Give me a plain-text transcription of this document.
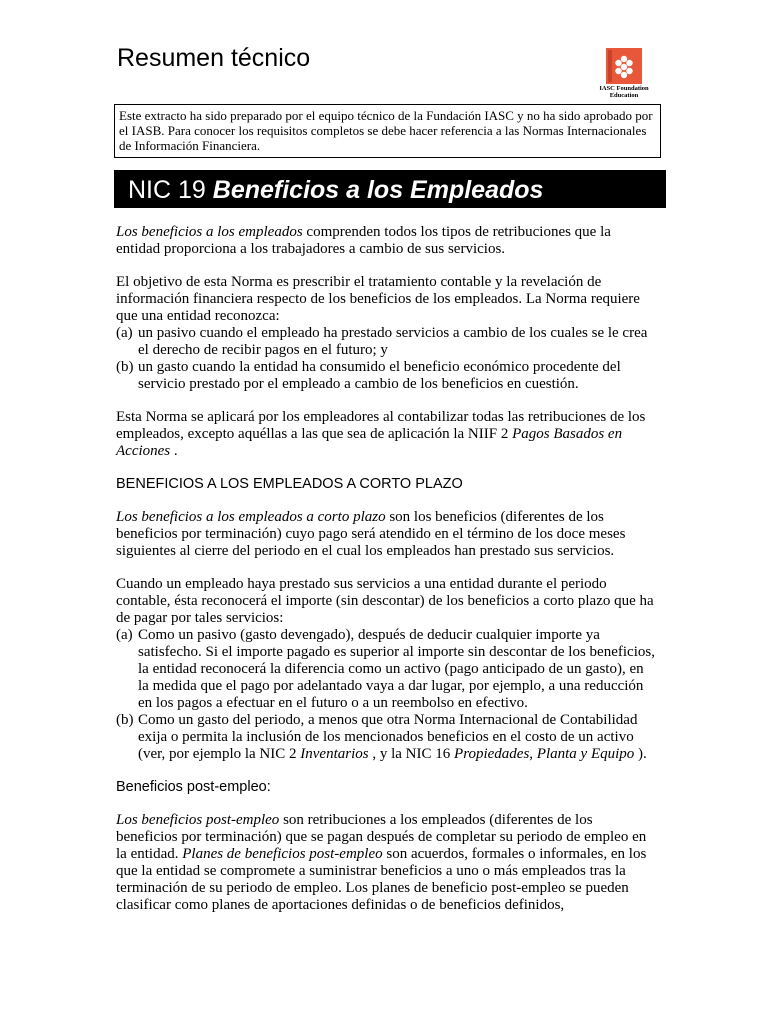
Resumen técnico
IASC Foundation
Education
Este extracto ha sido preparado por el equipo técnico de la Fundación IASC y no ha sido aprobado por el IASB. Para conocer los requisitos completos se debe hacer referencia a las Normas Internacionales de Información Financiera.
NIC 19 Beneficios a los Empleados

Los beneficios a los empleados comprenden todos los tipos de retribuciones que la entidad proporciona a los trabajadores a cambio de sus servicios.

El objetivo de esta Norma es prescribir el tratamiento contable y la revelación de información financiera respecto de los beneficios de los empleados. La Norma requiere que una entidad reconozca:

(a) un pasivo cuando el empleado ha prestado servicios a cambio de los cuales se le crea el derecho de recibir pagos en el futuro; y
(b) un gasto cuando la entidad ha consumido el beneficio económico procedente del servicio prestado por el empleado a cambio de los beneficios en cuestión.

Esta Norma se aplicará por los empleadores al contabilizar todas las retribuciones de los empleados, excepto aquéllas a las que sea de aplicación la NIIF 2 Pagos Basados en Acciones .

BENEFICIOS A LOS EMPLEADOS A CORTO PLAZO

Los beneficios a los empleados a corto plazo son los beneficios (diferentes de los beneficios por terminación) cuyo pago será atendido en el término de los doce meses siguientes al cierre del periodo en el cual los empleados han prestado sus servicios.

Cuando un empleado haya prestado sus servicios a una entidad durante el periodo contable, ésta reconocerá el importe (sin descontar) de los beneficios a corto plazo que ha de pagar por tales servicios:

(a) Como un pasivo (gasto devengado), después de deducir cualquier importe ya satisfecho. Si el importe pagado es superior al importe sin descontar de los beneficios, la entidad reconocerá la diferencia como un activo (pago anticipado de un gasto), en la medida que el pago por adelantado vaya a dar lugar, por ejemplo, a una reducción en los pagos a efectuar en el futuro o a un reembolso en efectivo.
(b) Como un gasto del periodo, a menos que otra Norma Internacional de Contabilidad exija o permita la inclusión de los mencionados beneficios en el costo de un activo (ver, por ejemplo la NIC 2 Inventarios , y la NIC 16 Propiedades, Planta y Equipo ).
Beneficios post-empleo:

Los beneficios post-empleo son retribuciones a los empleados (diferentes de los beneficios por terminación) que se pagan después de completar su periodo de empleo en la entidad. Planes de beneficios post-empleo son acuerdos, formales o informales, en los que la entidad se compromete a suministrar beneficios a uno o más empleados tras la terminación de su periodo de empleo. Los planes de beneficio post-empleo se pueden clasificar como planes de aportaciones definidas o de beneficios definidos,
